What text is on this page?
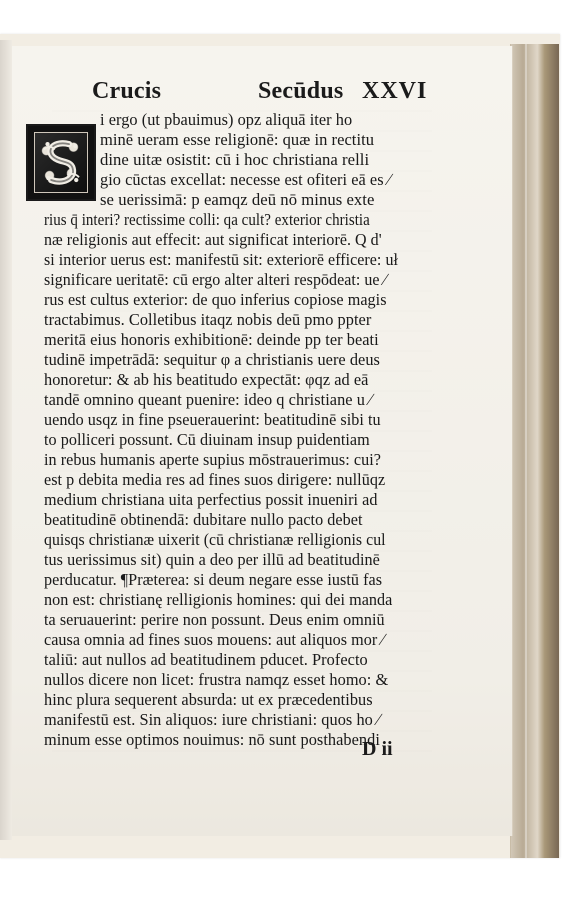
Crucis	Secūdus XXVI
i ergo (ut pbauimus) opz aliquā iter ho
minē ueram esse religionē: quæ in rectitu
dine uitæ osistit: cū i hoc christiana relli
gio cūctas excellat: necesse est ofiteri eā es ∕
se uerissimā: p eamqz deū nō minus exte
rius q̄ interi? rectissime colli: qa cult? exterior christia
næ religionis aut effecit: aut significat interiorē. Q d'
si interior uerus est: manifestū sit: exteriorē efficere: uł
significare ueritatē: cū ergo alter alteri respōdeat: ue ∕
rus est cultus exterior: de quo inferius copiose magis
tractabimus. Colletibus itaqz nobis deū pmo ppter
meritā eius honoris exhibitionē: deinde pp ter beati
tudinē impetrādā: sequitur φ a christianis uere deus
honoretur: & ab his beatitudo expectāt: φqz ad eā
tandē omnino queant puenire: ideo q christiane u ∕
uendo usqz in fine pseuerauerint: beatitudinē sibi tu
to polliceri possunt. Cū diuinam insup puidentiam
in rebus humanis aperte supius mōstrauerimus: cui?
est p debita media res ad fines suos dirigere: nullūqz
medium christiana uita perfectius possit inueniri ad
beatitudinē obtinendā: dubitare nullo pacto debet
quisqs christianæ uixerit (cū christianæ relligionis cul
tus uerissimus sit) quin a deo per illū ad beatitudinē
perducatur. ¶Præterea: si deum negare esse iustū fas
non est: christianę relligionis homines: qui dei manda
ta seruauerint: perire non possunt. Deus enim omniū
causa omnia ad fines suos mouens: aut aliquos mor ∕
taliū: aut nullos ad beatitudinem pducet. Profecto
nullos dicere non licet: frustra namqz esset homo: &
hinc plura sequerent absurda: ut ex præcedentibus
manifestū est. Sin aliquos: iure christiani: quos ho ∕
minum esse optimos nouimus: nō sunt posthabendi
D ii
